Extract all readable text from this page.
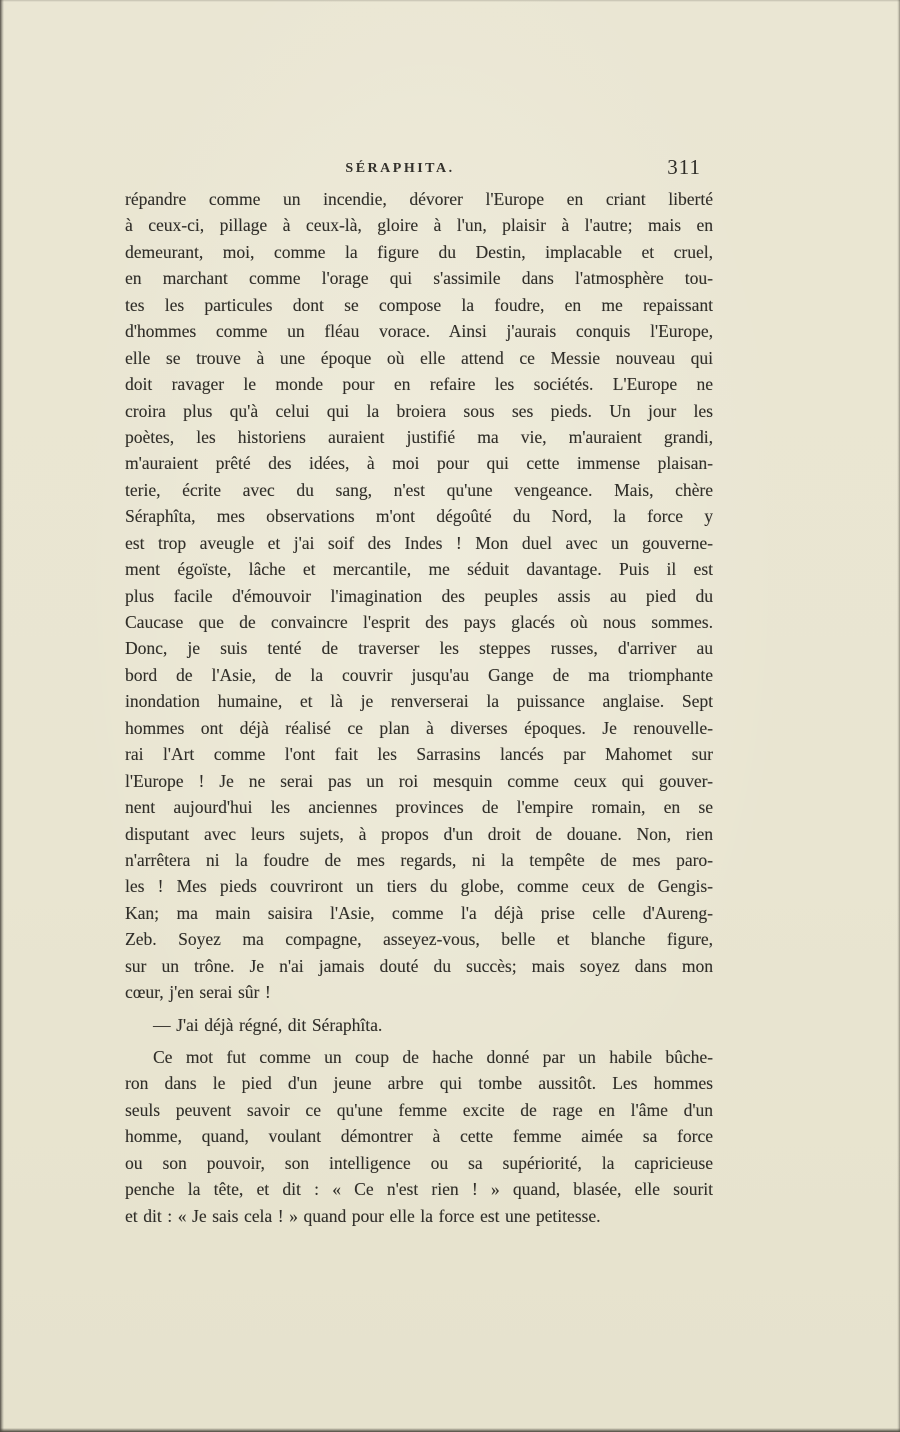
SÉRAPHITA.	311
répandre comme un incendie, dévorer l'Europe en criant liberté
à ceux-ci, pillage à ceux-là, gloire à l'un, plaisir à l'autre; mais en
demeurant, moi, comme la figure du Destin, implacable et cruel,
en marchant comme l'orage qui s'assimile dans l'atmosphère tou-
tes les particules dont se compose la foudre, en me repaissant
d'hommes comme un fléau vorace. Ainsi j'aurais conquis l'Europe,
elle se trouve à une époque où elle attend ce Messie nouveau qui
doit ravager le monde pour en refaire les sociétés. L'Europe ne
croira plus qu'à celui qui la broiera sous ses pieds. Un jour les
poètes, les historiens auraient justifié ma vie, m'auraient grandi,
m'auraient prêté des idées, à moi pour qui cette immense plaisan-
terie, écrite avec du sang, n'est qu'une vengeance. Mais, chère
Séraphîta, mes observations m'ont dégoûté du Nord, la force y
est trop aveugle et j'ai soif des Indes ! Mon duel avec un gouverne-
ment égoïste, lâche et mercantile, me séduit davantage. Puis il est
plus facile d'émouvoir l'imagination des peuples assis au pied du
Caucase que de convaincre l'esprit des pays glacés où nous sommes.
Donc, je suis tenté de traverser les steppes russes, d'arriver au
bord de l'Asie, de la couvrir jusqu'au Gange de ma triomphante
inondation humaine, et là je renverserai la puissance anglaise. Sept
hommes ont déjà réalisé ce plan à diverses époques. Je renouvelle-
rai l'Art comme l'ont fait les Sarrasins lancés par Mahomet sur
l'Europe ! Je ne serai pas un roi mesquin comme ceux qui gouver-
nent aujourd'hui les anciennes provinces de l'empire romain, en se
disputant avec leurs sujets, à propos d'un droit de douane. Non, rien
n'arrêtera ni la foudre de mes regards, ni la tempête de mes paro-
les ! Mes pieds couvriront un tiers du globe, comme ceux de Gengis-
Kan; ma main saisira l'Asie, comme l'a déjà prise celle d'Aureng-
Zeb. Soyez ma compagne, asseyez-vous, belle et blanche figure,
sur un trône. Je n'ai jamais douté du succès; mais soyez dans mon
cœur, j'en serai sûr !
— J'ai déjà régné, dit Séraphîta.
Ce mot fut comme un coup de hache donné par un habile bûche-
ron dans le pied d'un jeune arbre qui tombe aussitôt. Les hommes
seuls peuvent savoir ce qu'une femme excite de rage en l'âme d'un
homme, quand, voulant démontrer à cette femme aimée sa force
ou son pouvoir, son intelligence ou sa supériorité, la capricieuse
penche la tête, et dit : « Ce n'est rien ! » quand, blasée, elle sourit
et dit : « Je sais cela ! » quand pour elle la force est une petitesse.
